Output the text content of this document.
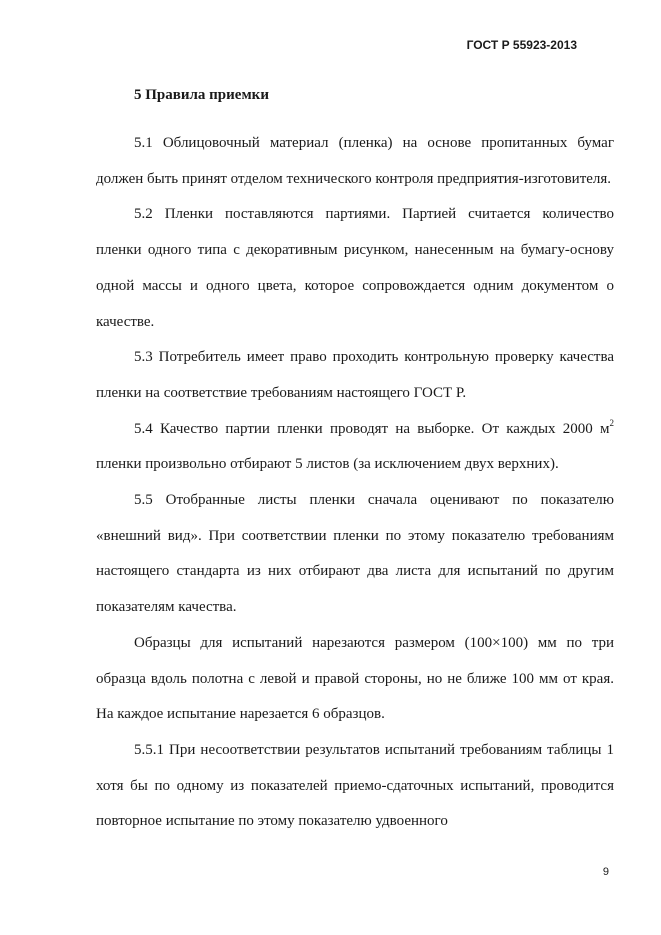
ГОСТ Р 55923-2013
5 Правила приемки

5.1 Облицовочный материал (пленка) на основе пропитанных бумаг должен быть принят отделом технического контроля предприятия-изготовителя.

5.2 Пленки поставляются партиями. Партией считается количество пленки одного типа с декоративным рисунком, нанесенным на бумагу-основу одной массы и одного цвета, которое сопровождается одним документом о качестве.

5.3 Потребитель имеет право проходить контрольную проверку качества пленки на соответствие требованиям настоящего ГОСТ Р.

5.4 Качество партии пленки проводят на выборке. От каждых 2000 $м^2$ пленки произвольно отбирают 5 листов (за исключением двух верхних).

5.5 Отобранные листы пленки сначала оценивают по показателю «внешний вид». При соответствии пленки по этому показателю требованиям настоящего стандарта из них отбирают два листа для испытаний по другим показателям качества.

Образцы для испытаний нарезаются размером (100×100) мм по три образца вдоль полотна с левой и правой стороны, но не ближе 100 мм от края. На каждое испытание нарезается 6 образцов.

5.5.1 При несоответствии результатов испытаний требованиям таблицы 1 хотя бы по одному из показателей приемо-сдаточных испытаний, проводится повторное испытание по этому показателю удвоенного

9
